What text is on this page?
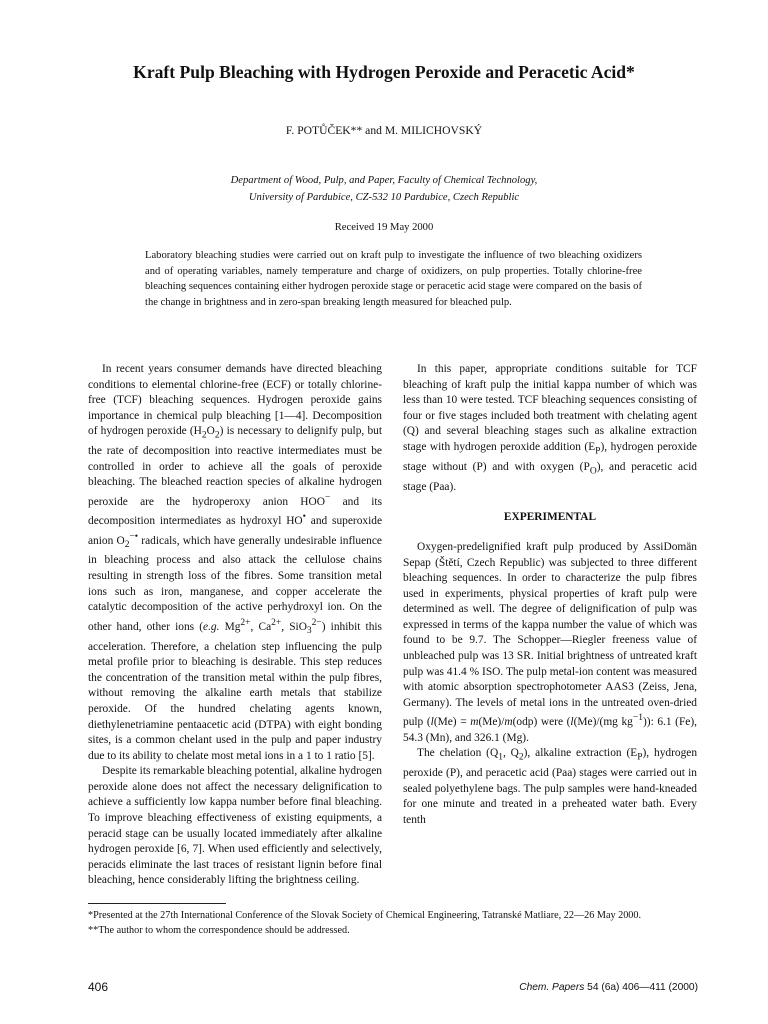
Kraft Pulp Bleaching with Hydrogen Peroxide and Peracetic Acid*
F. POTŮČEK** and M. MILICHOVSKÝ
Department of Wood, Pulp, and Paper, Faculty of Chemical Technology,
University of Pardubice, CZ-532 10 Pardubice, Czech Republic
Received 19 May 2000
Laboratory bleaching studies were carried out on kraft pulp to investigate the influence of two bleaching oxidizers and of operating variables, namely temperature and charge of oxidizers, on pulp properties. Totally chlorine-free bleaching sequences containing either hydrogen peroxide stage or peracetic acid stage were compared on the basis of the change in brightness and in zero-span breaking length measured for bleached pulp.

In recent years consumer demands have directed bleaching conditions to elemental chlorine-free (ECF) or totally chlorine-free (TCF) bleaching sequences. Hydrogen peroxide gains importance in chemical pulp bleaching [1—4]. Decomposition of hydrogen peroxide $(H_2O_2)$ is necessary to delignify pulp, but the rate of decomposition into reactive intermediates must be controlled in order to achieve all the goals of peroxide bleaching. The bleached reaction species of alkaline hydrogen peroxide are the hydroperoxy anion HOO− and its decomposition intermediates as hydroxyl HO• and superoxide anion $O_2^{-•}$ radicals, which have generally undesirable influence in bleaching process and also attack the cellulose chains resulting in strength loss of the fibres. Some transition metal ions such as iron, manganese, and copper accelerate the catalytic decomposition of the active perhydroxyl ion. On the other hand, other ions (e.g. $Mg^{2+}$, $Ca^{2+}$, SiO$_3^{2-}$) inhibit this acceleration. Therefore, a chelation step influencing the pulp metal profile prior to bleaching is desirable. This step reduces the concentration of the transition metal within the pulp fibres, without removing the alkaline earth metals that stabilize peroxide. Of the hundred chelating agents known, diethylenetriamine pentaacetic acid (DTPA) with eight bonding sites, is a common chelant used in the pulp and paper industry due to its ability to chelate most metal ions in a 1 to 1 ratio [5].

Despite its remarkable bleaching potential, alkaline hydrogen peroxide alone does not affect the necessary delignification to achieve a sufficiently low kappa number before final bleaching. To improve bleaching effectiveness of existing equipments, a peracid stage can be usually located immediately after alkaline hydrogen peroxide [6, 7]. When used efficiently and selectively, peracids eliminate the last traces of resistant lignin before final bleaching, hence considerably lifting the brightness ceiling.

In this paper, appropriate conditions suitable for TCF bleaching of kraft pulp the initial kappa number of which was less than 10 were tested. TCF bleaching sequences consisting of four or five stages included both treatment with chelating agent (Q) and several bleaching stages such as alkaline extraction stage with hydrogen peroxide addition $(E_P)$, hydrogen peroxide stage without (P) and with oxygen $(P_O)$, and peracetic acid stage (Paa).

EXPERIMENTAL

Oxygen-predelignified kraft pulp produced by AssiDomän Sepap (Štětí, Czech Republic) was subjected to three different bleaching sequences. In order to characterize the pulp fibres used in experiments, physical properties of kraft pulp were determined as well. The degree of delignification of pulp was expressed in terms of the kappa number the value of which was found to be 9.7. The Schopper—Riegler freeness value of unbleached pulp was 13 SR. Initial brightness of untreated kraft pulp was 41.4 % ISO. The pulp metal-ion content was measured with atomic absorption spectrophotometer AAS3 (Zeiss, Jena, Germany). The levels of metal ions in the untreated oven-dried pulp (l(Me) = m(Me)/m(odp) were (l(Me)/(mg $kg^{-1}$)): 6.1 (Fe), 54.3 (Mn), and 326.1 (Mg).

The chelation ($Q_1$, $Q_2$), alkaline extraction $(E_P)$, hydrogen peroxide (P), and peracetic acid (Paa) stages were carried out in sealed polyethylene bags. The pulp samples were hand-kneaded for one minute and treated in a preheated water bath. Every tenth

*Presented at the 27th International Conference of the Slovak Society of Chemical Engineering, Tatranské Matliare, 22—26 May 2000.
**The author to whom the correspondence should be addressed.
406	Chem. Papers 54 (6a) 406—411 (2000)
